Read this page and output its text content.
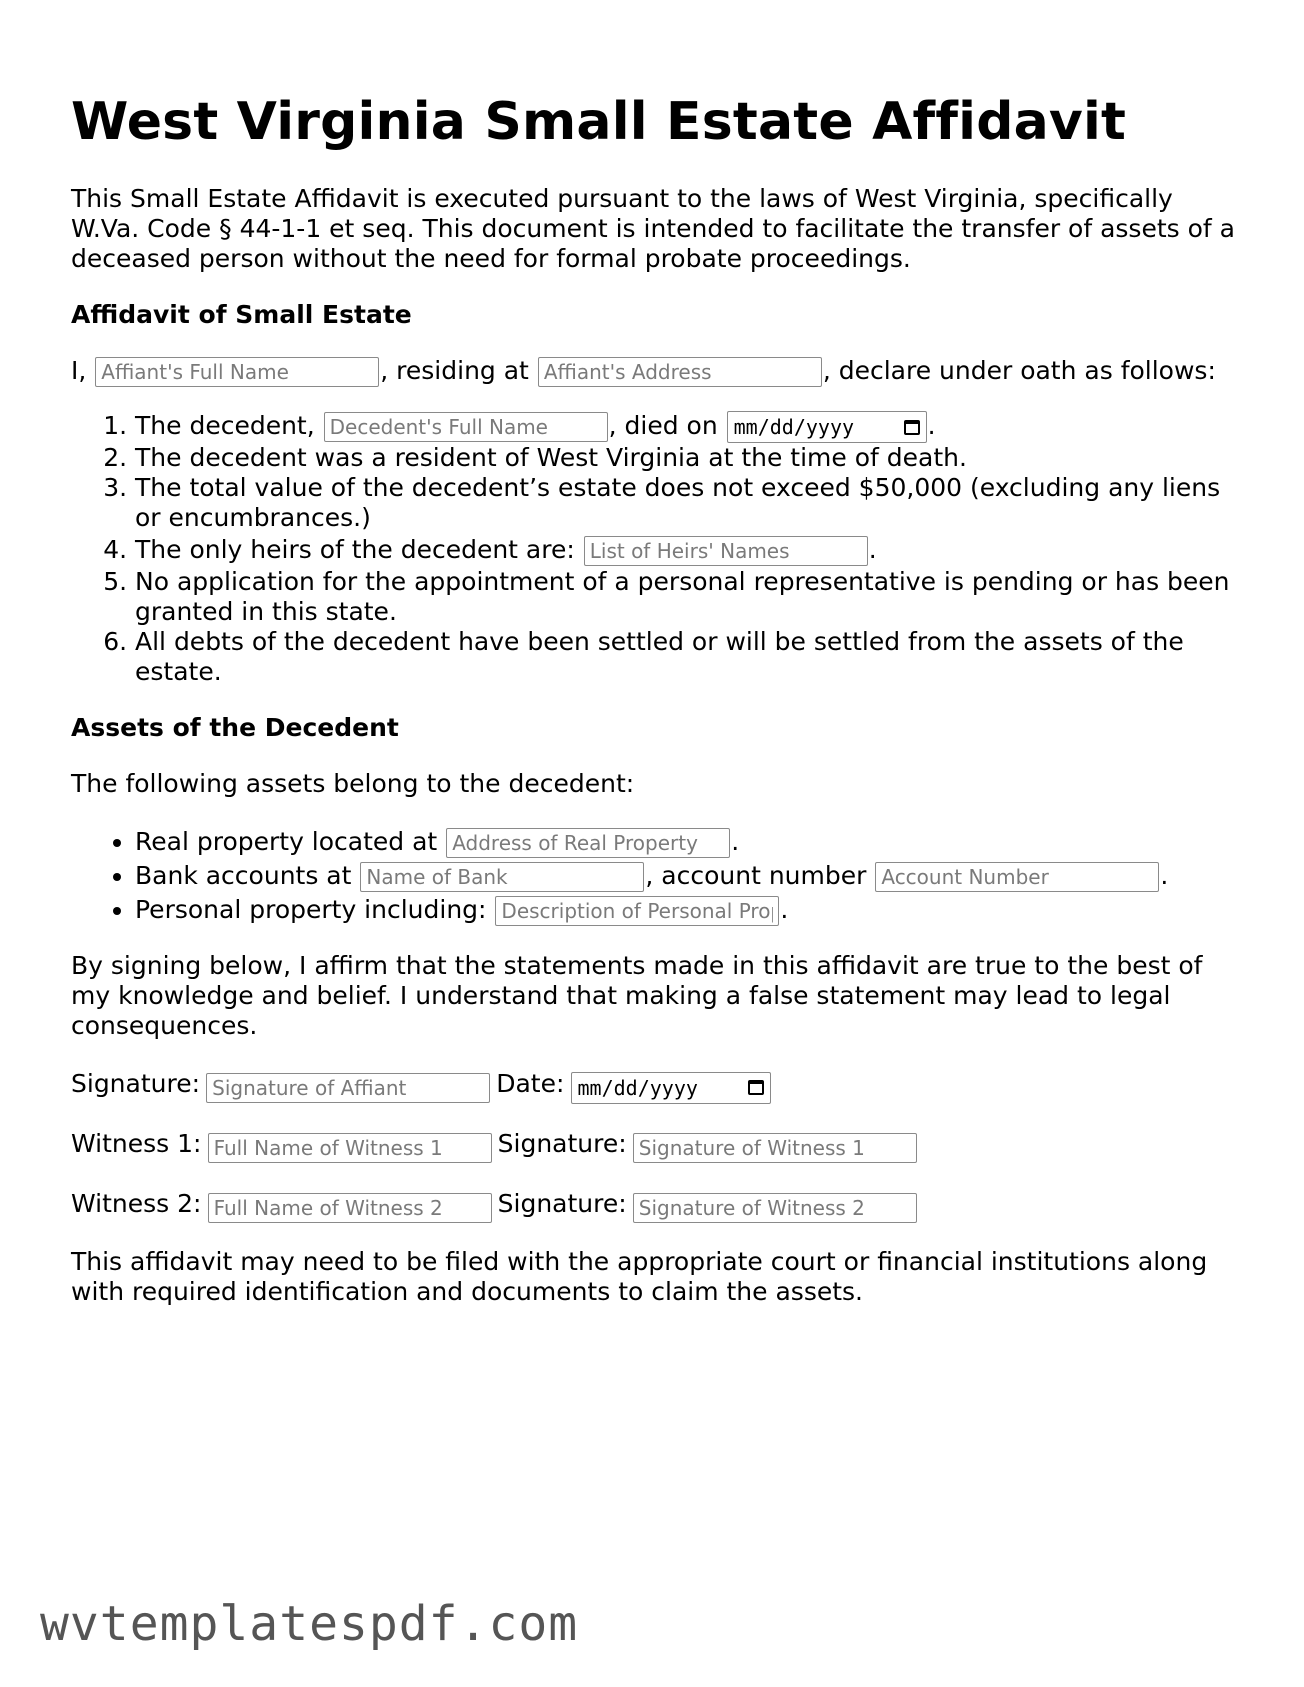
West Virginia Small Estate Affidavit

This Small Estate Affidavit is executed pursuant to the laws of West Virginia, specifically W.Va. Code § 44-1-1 et seq. This document is intended to facilitate the transfer of assets of a deceased person without the need for formal probate proceedings.

Affidavit of Small Estate

I, Affiant's Full Name	, residing at Affiant's Address	, declare under oath as follows:

1. The decedent, Decedent's Full Name	, died on mm/dd/yyyy	.
2. The decedent was a resident of West Virginia at the time of death.
3. The total value of the decedent’s estate does not exceed $50,000 (excluding any liens or encumbrances.)
4. The only heirs of the decedent are: List of Heirs' Names	.
5. No application for the appointment of a personal representative is pending or has been granted in this state.
6. All debts of the decedent have been settled or will be settled from the assets of the estate.
Assets of the Decedent

The following assets belong to the decedent:

• Real property located at Address of Real Property	.
• Bank accounts at Name of Bank	, account number Account Number	.
• Personal property including: Description of Personal Property	.

By signing below, I affirm that the statements made in this affidavit are true to the best of my knowledge and belief. I understand that making a false statement may lead to legal consequences.

Signature: Signature of Affiant	Date: mm/dd/yyyy
Witness 1: Full Name of Witness 1	Signature: Signature of Witness 1
Witness 2: Full Name of Witness 2	Signature: Signature of Witness 2

This affidavit may need to be filed with the appropriate court or financial institutions along with required identification and documents to claim the assets.

wvtemplatespdf.com
